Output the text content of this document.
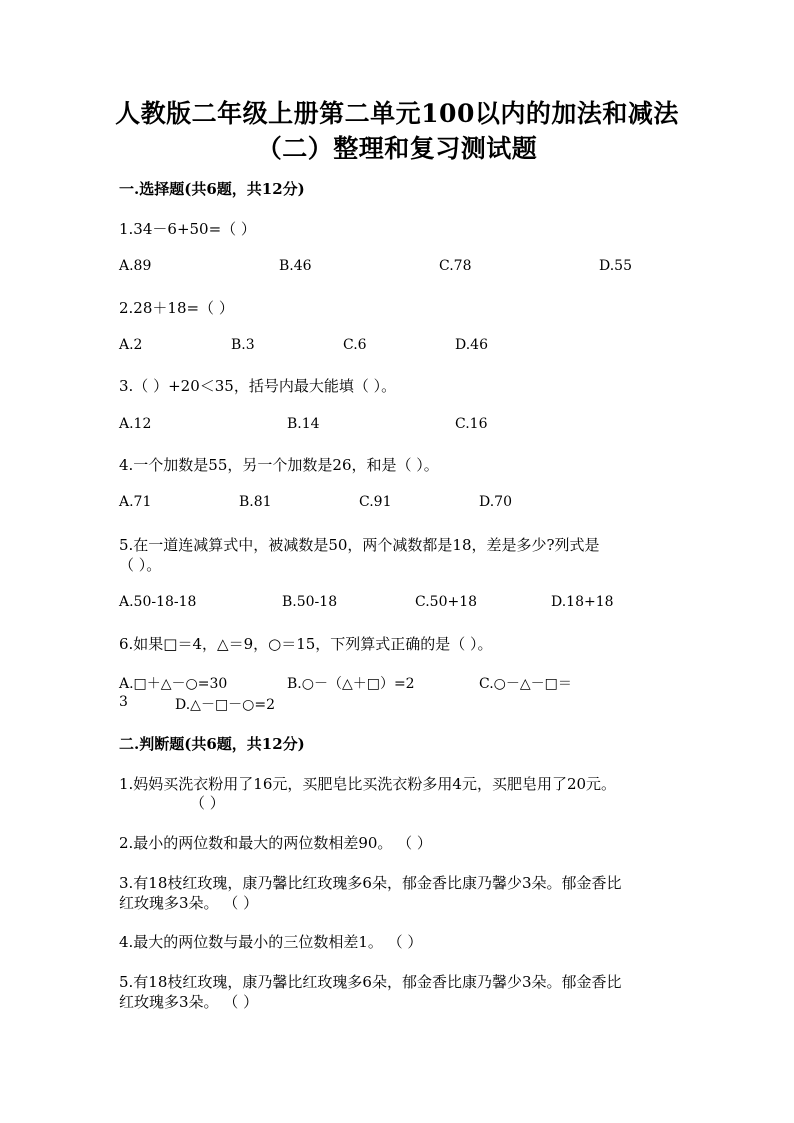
人教版二年级上册第二单元100以内的加法和减法
（二）整理和复习测试题
一.选择题(共6题，共12分)
1.34－6+50=（ ）
A.89	B.46	C.78	D.55
2.28＋18=（ ）
A.2	B.3	C.6	D.46
3.（ ）+20＜35，括号内最大能填（ ）。
A.12	B.14	C.16
4.一个加数是55，另一个加数是26，和是（ ）。
A.71	B.81	C.91	D.70
5.在一道连减算式中，被减数是50，两个减数都是18，差是多少?列式是
（ ）。
A.50-18-18	B.50-18	C.50+18	D.18+18
6.如果□＝4，△＝9，○＝15，下列算式正确的是（ ）。
A.□＋△－○=30	B.○－（△＋□）=2	C.○－△－□＝
3	D.△－□－○=2
二.判断题(共6题，共12分)
1.妈妈买洗衣粉用了16元，买肥皂比买洗衣粉多用4元，买肥皂用了20元。
（ ）
2.最小的两位数和最大的两位数相差90。 （ ）
3.有18枝红玫瑰，康乃馨比红玫瑰多6朵，郁金香比康乃馨少3朵。郁金香比
红玫瑰多3朵。 （ ）
4.最大的两位数与最小的三位数相差1。 （ ）
5.有18枝红玫瑰，康乃馨比红玫瑰多6朵，郁金香比康乃馨少3朵。郁金香比
红玫瑰多3朵。 （ ）
